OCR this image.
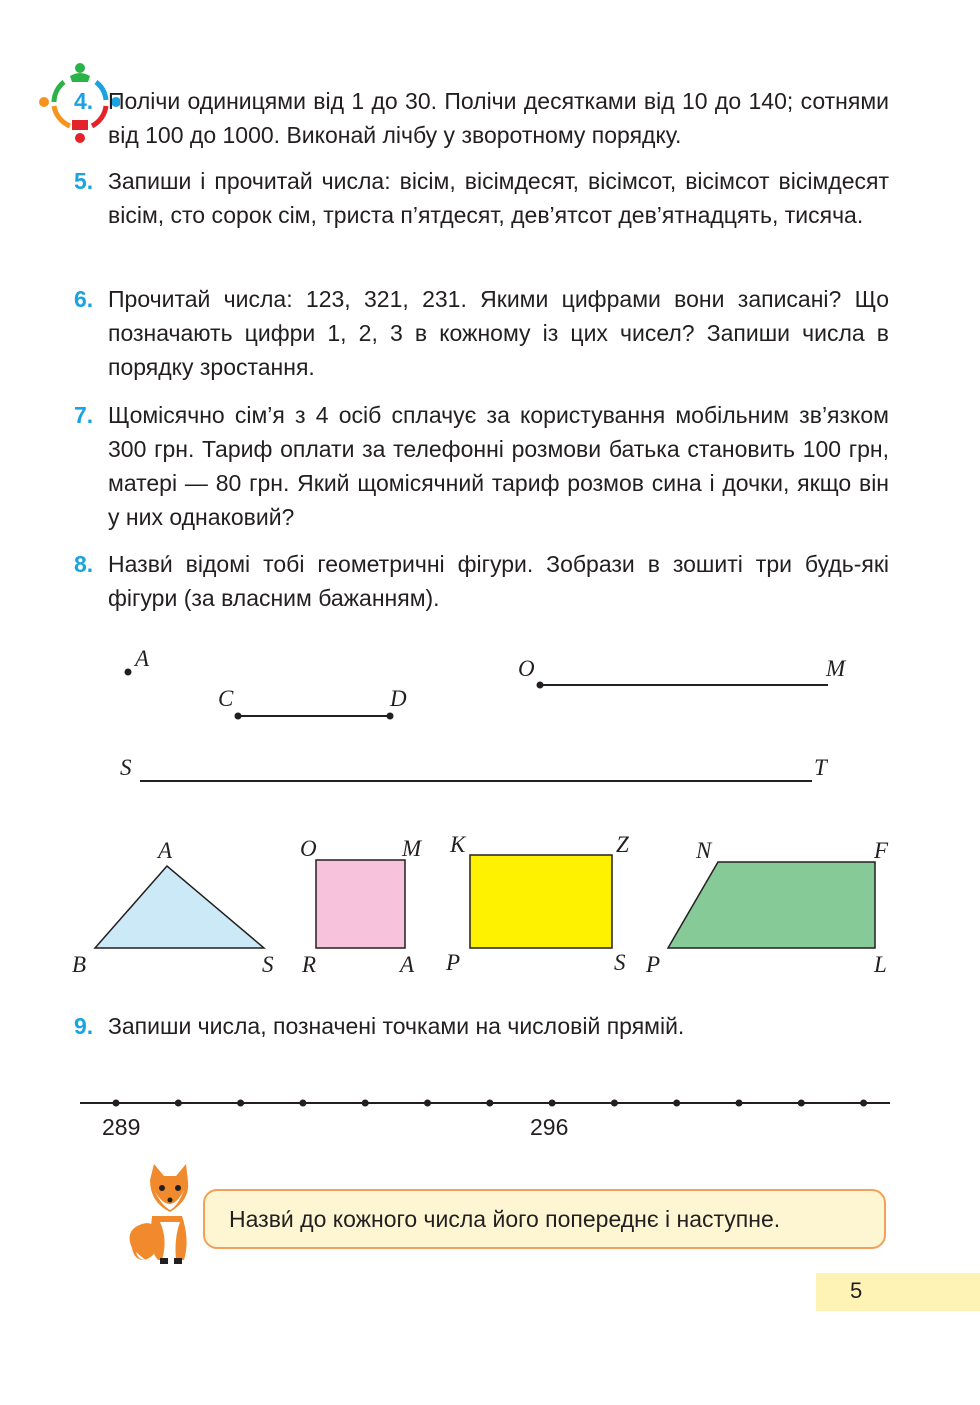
4. Полічи одиницями від 1 до 30. Полічи десятками від 10 до 140; сотнями від 100 до 1000. Виконай лічбу у зворотному порядку.
5. Запиши і прочитай числа: вісім, вісімдесят, вісімсот, вісімсот вісімдесят вісім, сто сорок сім, триста п’ятдесят, дев’ятсот дев’ятнадцять, тисяча.
6. Прочитай числа: 123, 321, 231. Якими цифрами вони записані? Що позначають цифри 1, 2, 3 в кожному із цих чисел? Запиши числа в порядку зростання.
7. Щомісячно сім’я з 4 осіб сплачує за користування мобільним зв’язком 300 грн. Тариф оплати за телефонні розмови батька становить 100 грн, матері — 80 грн. Який щомісячний тариф розмов сина і дочки, якщо він у них однаковий?
8. Назви́ відомі тобі геометричні фігури. Зобрази в зошиті три будь-які фігури (за власним бажанням).
A
C	D
O	M
S	T
A
B	S
O	M
R	A
K	Z
P	S
N	F
P	L
9. Запиши числа, позначені точками на числовій прямій.
289	296
Назви́ до кожного числа його попереднє і наступне.
5
